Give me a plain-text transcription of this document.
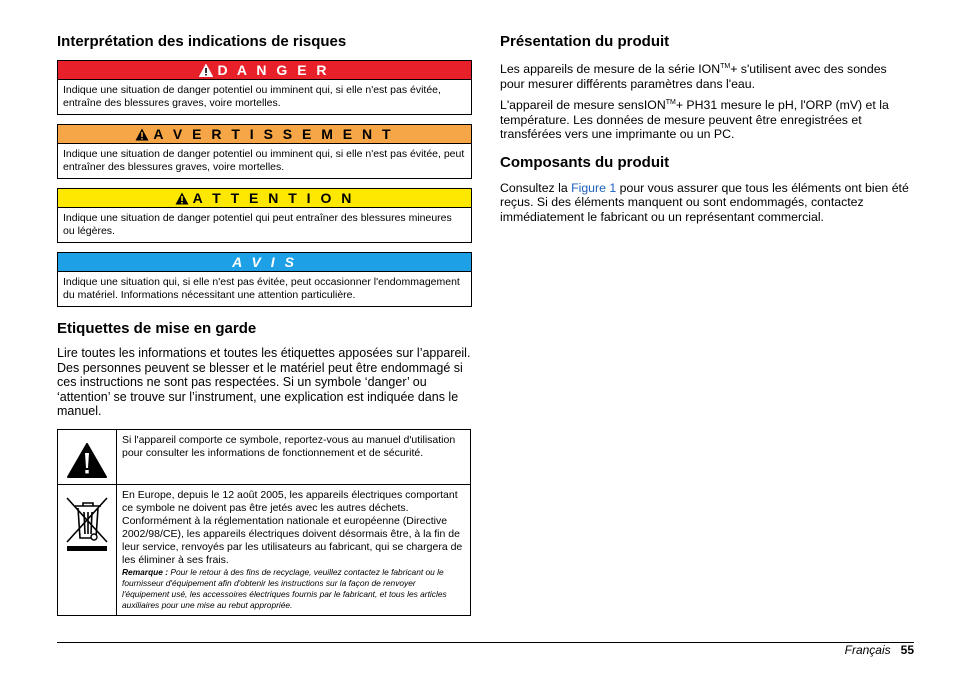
Interprétation des indications de risques
D A N G E R
Indique une situation de danger potentiel ou imminent qui, si elle n'est pas évitée, entraîne des blessures graves, voire mortelles.
A V E R T I S S E M E N T
Indique une situation de danger potentiel ou imminent qui, si elle n'est pas évitée, peut entraîner des blessures graves, voire mortelles.
A T T E N T I O N
Indique une situation de danger potentiel qui peut entraîner des blessures mineures ou légères.
A V I S
Indique une situation qui, si elle n'est pas évitée, peut occasionner l'endommagement du matériel. Informations nécessitant une attention particulière.
Etiquettes de mise en garde

Lire toutes les informations et toutes les étiquettes apposées sur l’appareil. Des personnes peuvent se blesser et le matériel peut être endommagé si ces instructions ne sont pas respectées. Si un symbole ‘danger’ ou ‘attention’ se trouve sur l’instrument, une explication est indiquée dans le manuel.

	Si l'appareil comporte ce symbole, reportez-vous au manuel d'utilisation pour consulter les informations de fonctionnement et de sécurité.

	En Europe, depuis le 12 août 2005, les appareils électriques comportant ce symbole ne doivent pas être jetés avec les autres déchets. Conformément à la réglementation nationale et européenne (Directive 2002/98/CE), les appareils électriques doivent désormais être, à la fin de leur service, renvoyés par les utilisateurs au fabricant, qui se chargera de les éliminer à ses frais.
Remarque : Pour le retour à des fins de recyclage, veuillez contactez le fabricant ou le fournisseur d'équipement afin d'obtenir les instructions sur la façon de renvoyer l'équipement usé, les accessoires électriques fournis par le fabricant, et tous les articles auxiliaires pour une mise au rebut appropriée.
Présentation du produit

Les appareils de mesure de la série ION™+ s'utilisent avec des sondes pour mesurer différents paramètres dans l'eau.

L'appareil de mesure sensION™+ PH31 mesure le pH, l'ORP (mV) et la température. Les données de mesure peuvent être enregistrées et transférées vers une imprimante ou un PC.

Composants du produit

Consultez la Figure 1 pour vous assurer que tous les éléments ont bien été reçus. Si des éléments manquent ou sont endommagés, contactez immédiatement le fabricant ou un représentant commercial.

Français 55
